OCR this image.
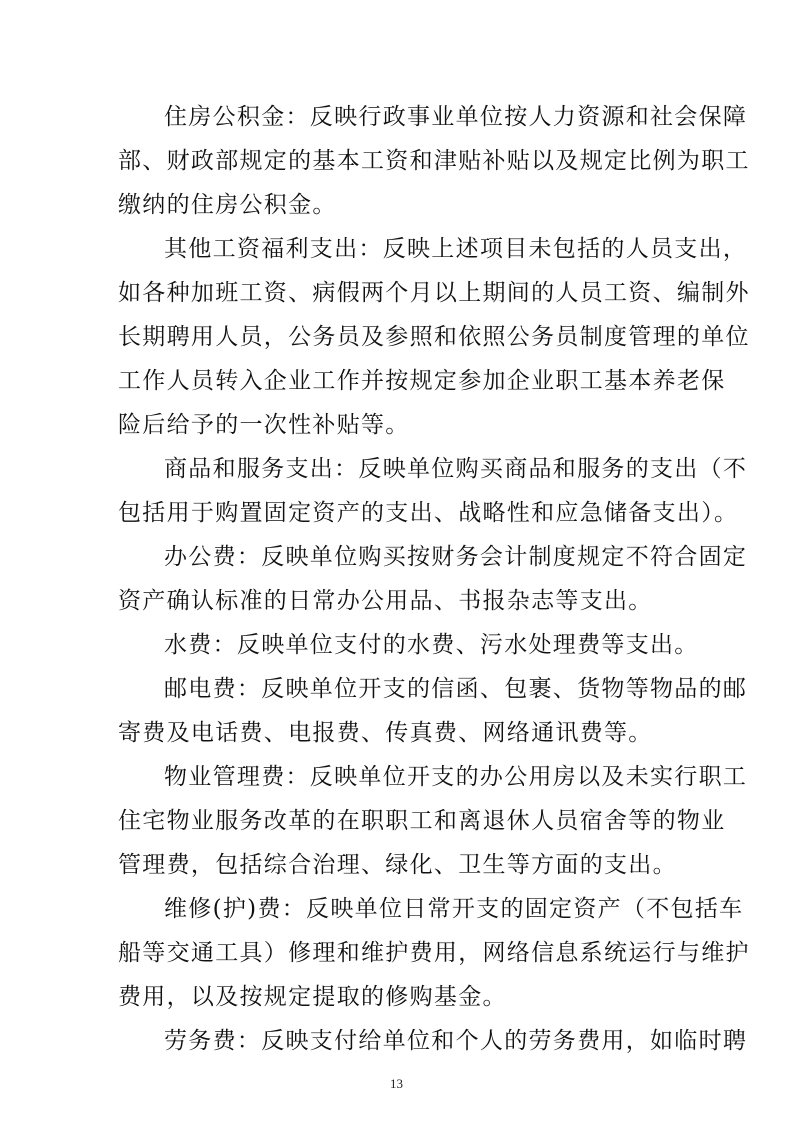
住房公积金：反映行政事业单位按人力资源和社会保障
部、财政部规定的基本工资和津贴补贴以及规定比例为职工
缴纳的住房公积金。
其他工资福利支出：反映上述项目未包括的人员支出，
如各种加班工资、病假两个月以上期间的人员工资、编制外
长期聘用人员，公务员及参照和依照公务员制度管理的单位
工作人员转入企业工作并按规定参加企业职工基本养老保
险后给予的一次性补贴等。
商品和服务支出：反映单位购买商品和服务的支出（不
包括用于购置固定资产的支出、战略性和应急储备支出）。
办公费：反映单位购买按财务会计制度规定不符合固定
资产确认标准的日常办公用品、书报杂志等支出。
水费：反映单位支付的水费、污水处理费等支出。
邮电费：反映单位开支的信函、包裹、货物等物品的邮
寄费及电话费、电报费、传真费、网络通讯费等。
物业管理费：反映单位开支的办公用房以及未实行职工
住宅物业服务改革的在职职工和离退休人员宿舍等的物业
管理费，包括综合治理、绿化、卫生等方面的支出。
维修(护)费：反映单位日常开支的固定资产（不包括车
船等交通工具）修理和维护费用，网络信息系统运行与维护
费用，以及按规定提取的修购基金。
劳务费：反映支付给单位和个人的劳务费用，如临时聘
13
